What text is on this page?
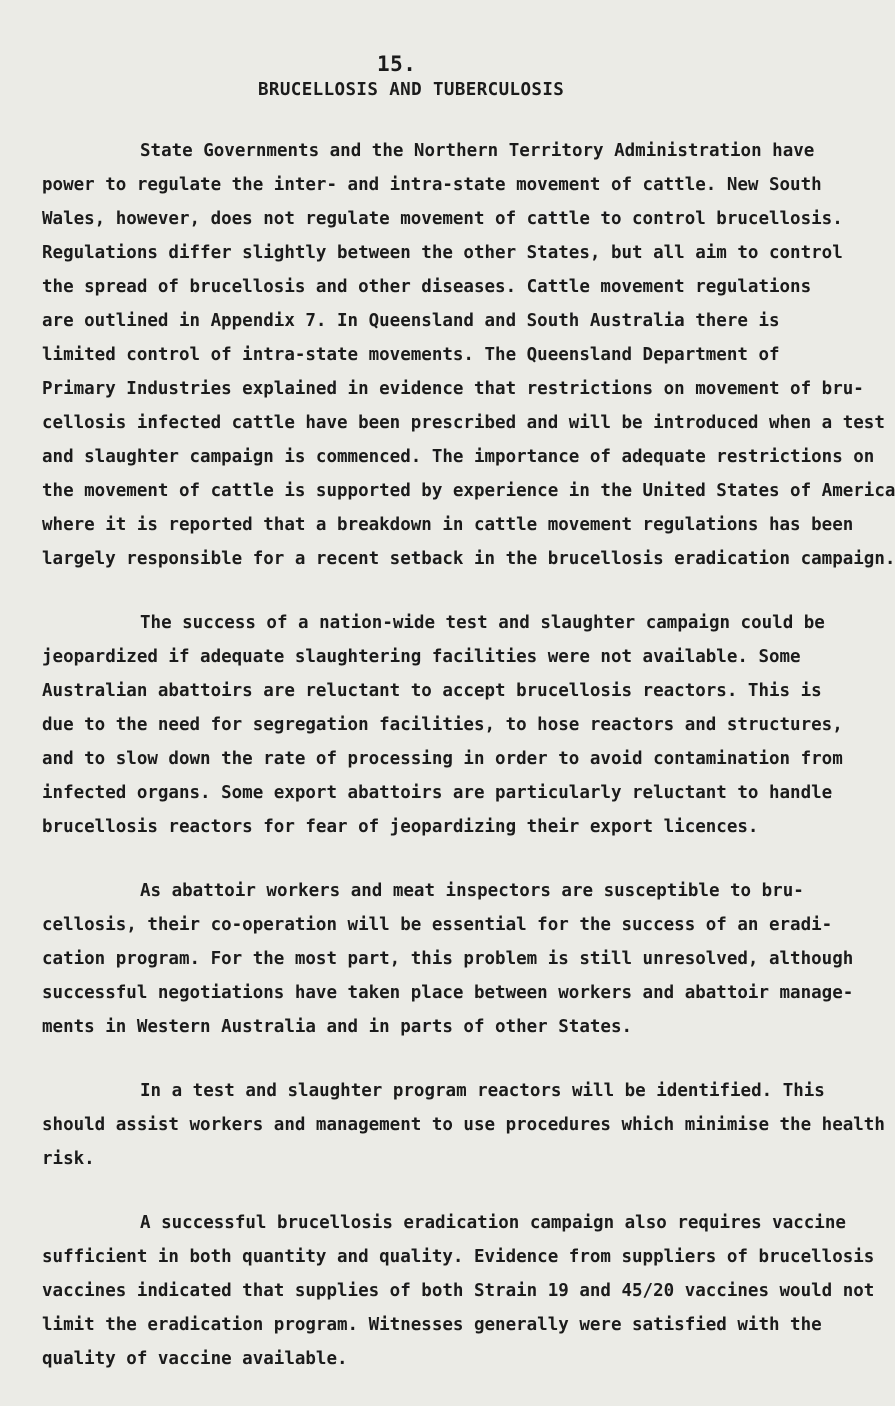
15.
BRUCELLOSIS AND TUBERCULOSIS
State Governments and the Northern Territory Administration have
power to regulate the inter- and intra-state movement of cattle. New South
Wales, however, does not regulate movement of cattle to control brucellosis.
Regulations differ slightly between the other States, but all aim to control
the spread of brucellosis and other diseases. Cattle movement regulations
are outlined in Appendix 7. In Queensland and South Australia there is
limited control of intra-state movements. The Queensland Department of
Primary Industries explained in evidence that restrictions on movement of bru-
cellosis infected cattle have been prescribed and will be introduced when a test
and slaughter campaign is commenced. The importance of adequate restrictions on
the movement of cattle is supported by experience in the United States of America
where it is reported that a breakdown in cattle movement regulations has been
largely responsible for a recent setback in the brucellosis eradication campaign.
The success of a nation-wide test and slaughter campaign could be
jeopardized if adequate slaughtering facilities were not available. Some
Australian abattoirs are reluctant to accept brucellosis reactors. This is
due to the need for segregation facilities, to hose reactors and structures,
and to slow down the rate of processing in order to avoid contamination from
infected organs. Some export abattoirs are particularly reluctant to handle
brucellosis reactors for fear of jeopardizing their export licences.
As abattoir workers and meat inspectors are susceptible to bru-
cellosis, their co-operation will be essential for the success of an eradi-
cation program. For the most part, this problem is still unresolved, although
successful negotiations have taken place between workers and abattoir manage-
ments in Western Australia and in parts of other States.
In a test and slaughter program reactors will be identified. This
should assist workers and management to use procedures which minimise the health
risk.
A successful brucellosis eradication campaign also requires vaccine
sufficient in both quantity and quality. Evidence from suppliers of brucellosis
vaccines indicated that supplies of both Strain 19 and 45/20 vaccines would not
limit the eradication program. Witnesses generally were satisfied with the
quality of vaccine available.
